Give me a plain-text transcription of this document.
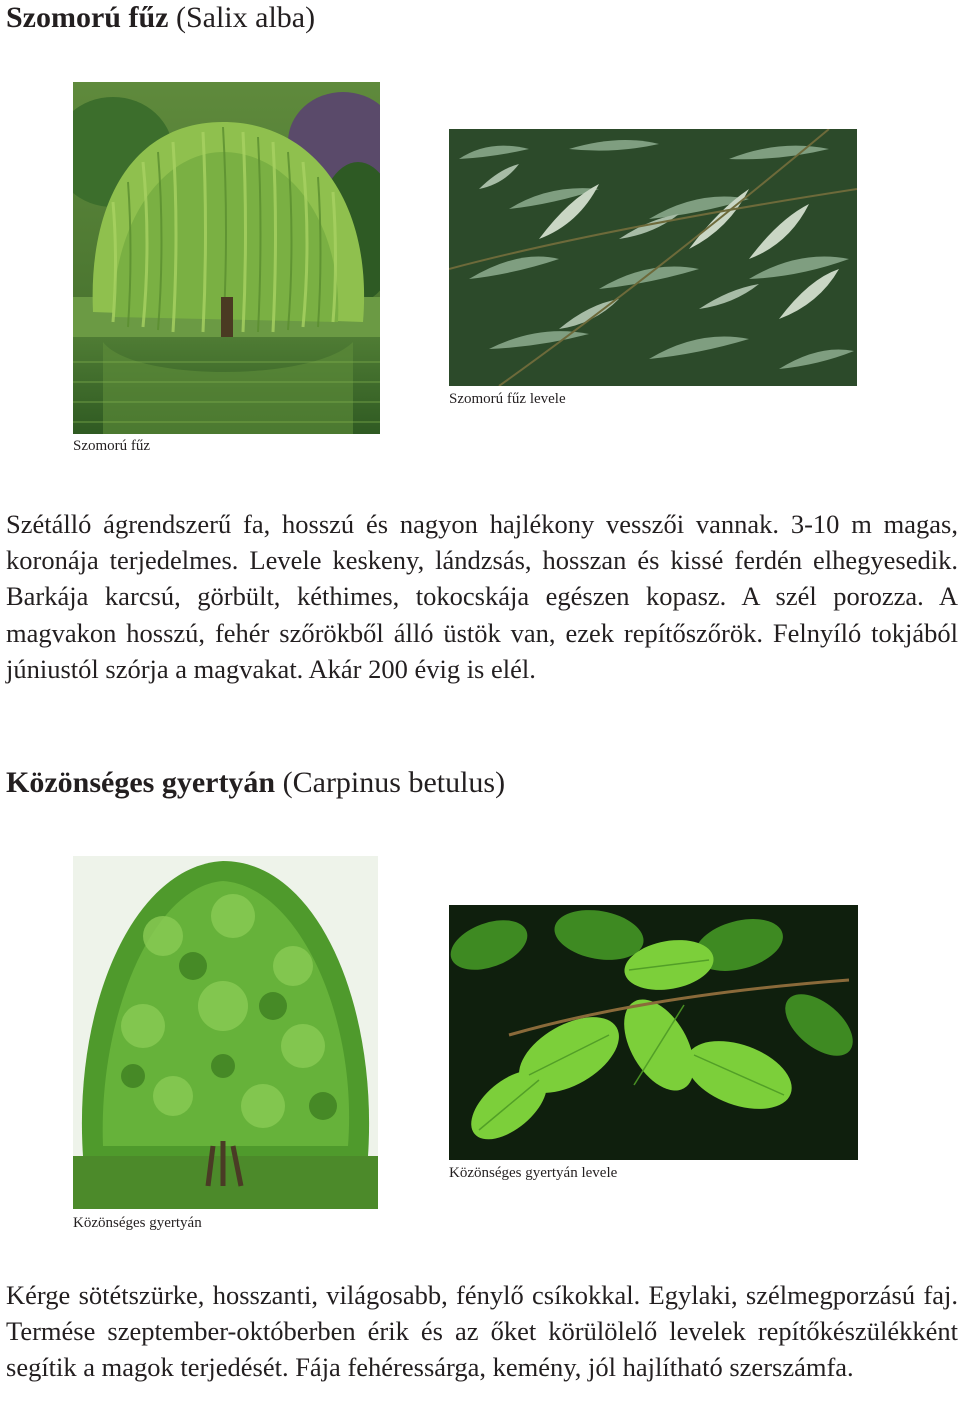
Szomorú fűz (Salix alba)
Szomorú fűz
Szomorú fűz levele

Szétálló ágrendszerű fa, hosszú és nagyon hajlékony vesszői vannak. 3-10 m magas, koronája terjedelmes. Levele keskeny, lándzsás, hosszan és kissé ferdén elhegyesedik. Barkája karcsú, görbült, kéthimes, tokocskája egészen kopasz. A szél porozza. A magvakon hosszú, fehér szőrökből álló üstök van, ezek repítőszőrök. Felnyíló tokjából júniustól szórja a magvakat. Akár 200 évig is elél.

Közönséges gyertyán (Carpinus betulus)
Közönséges gyertyán
Közönséges gyertyán levele

Kérge sötétszürke, hosszanti, világosabb, fénylő csíkokkal. Egylaki, szélmegporzású faj. Termése szeptember-októberben érik és az őket körülölelő levelek repítőkészülékként segítik a magok terjedését. Fája fehéressárga, kemény, jól hajlítható szerszámfa.
